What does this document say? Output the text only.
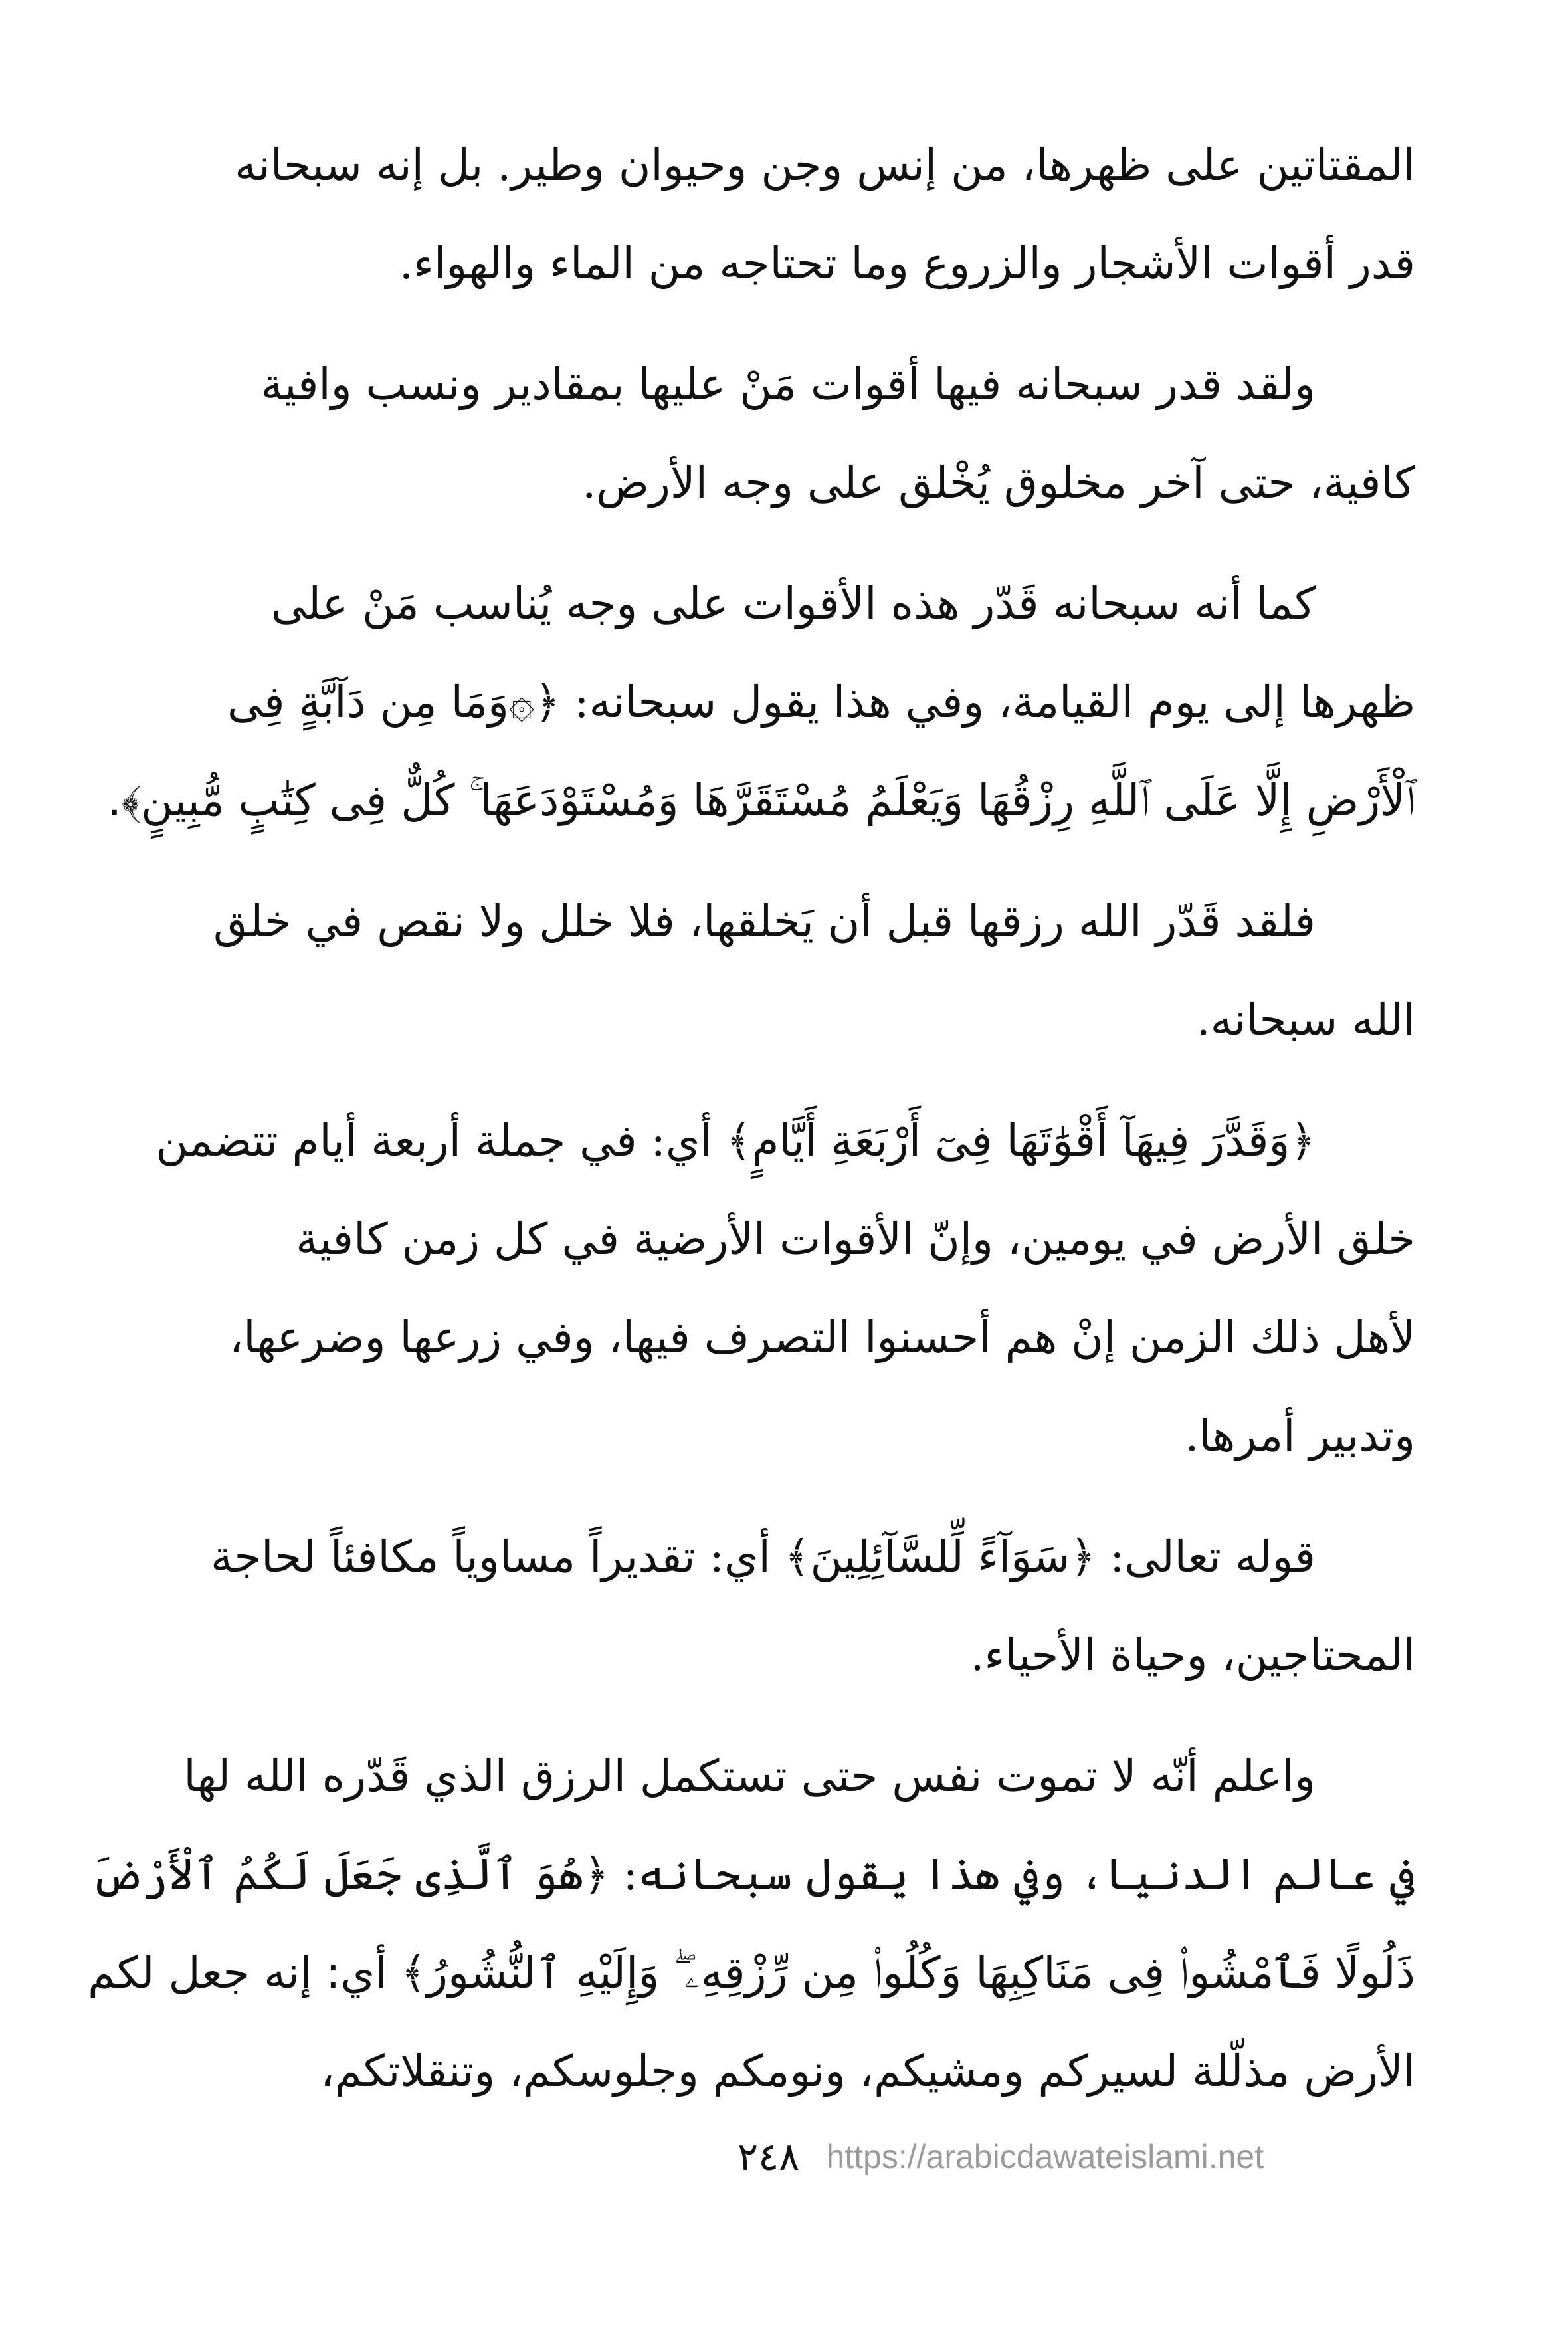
المقتاتين على ظهرها، من إنس وجن وحيوان وطير. بل إنه سبحانه
قدر أقوات الأشجار والزروع وما تحتاجه من الماء والهواء.

ولقد قدر سبحانه فيها أقوات مَنْ عليها بمقادير ونسب وافية
كافية، حتى آخر مخلوق يُخْلق على وجه الأرض.

كما أنه سبحانه قَدّر هذه الأقوات على وجه يُناسب مَنْ على
ظهرها إلى يوم القيامة، وفي هذا يقول سبحانه: ﴿۞وَمَا مِن دَآبَّةٍ فِى
ٱلْأَرْضِ إِلَّا عَلَى ٱللَّهِ رِزْقُهَا وَيَعْلَمُ مُسْتَقَرَّهَا وَمُسْتَوْدَعَهَا ۚ كُلٌّ فِى كِتَٰبٍ مُّبِينٍ﴾.

فلقد قَدّر الله رزقها قبل أن يَخلقها، فلا خلل ولا نقص في خلق
الله سبحانه.

﴿وَقَدَّرَ فِيهَآ أَقْوَٰتَهَا فِىٓ أَرْبَعَةِ أَيَّامٍ﴾ أي: في جملة أربعة أيام تتضمن
خلق الأرض في يومين، وإنّ الأقوات الأرضية في كل زمن كافية
لأهل ذلك الزمن إنْ هم أحسنوا التصرف فيها، وفي زرعها وضرعها،
وتدبير أمرها.

قوله تعالى: ﴿سَوَآءً لِّلسَّآئِلِينَ﴾ أي: تقديراً مساوياً مكافئاً لحاجة
المحتاجين، وحياة الأحياء.

واعلم أنّه لا تموت نفس حتى تستكمل الرزق الذي قَدّره الله لها
في عالم الدنيا، وفي هذا يقول سبحانه: ﴿هُوَ ٱلَّذِى جَعَلَ لَكُمُ ٱلْأَرْضَ
ذَلُولًا فَٱمْشُوا۟ فِى مَنَاكِبِهَا وَكُلُوا۟ مِن رِّزْقِهِۦ ۖ وَإِلَيْهِ ٱلنُّشُورُ﴾ أي: إنه جعل لكم
الأرض مذلّلة لسيركم ومشيكم، ونومكم وجلوسكم، وتنقلاتكم،

٢٤٨ https://arabicdawateislami.net
